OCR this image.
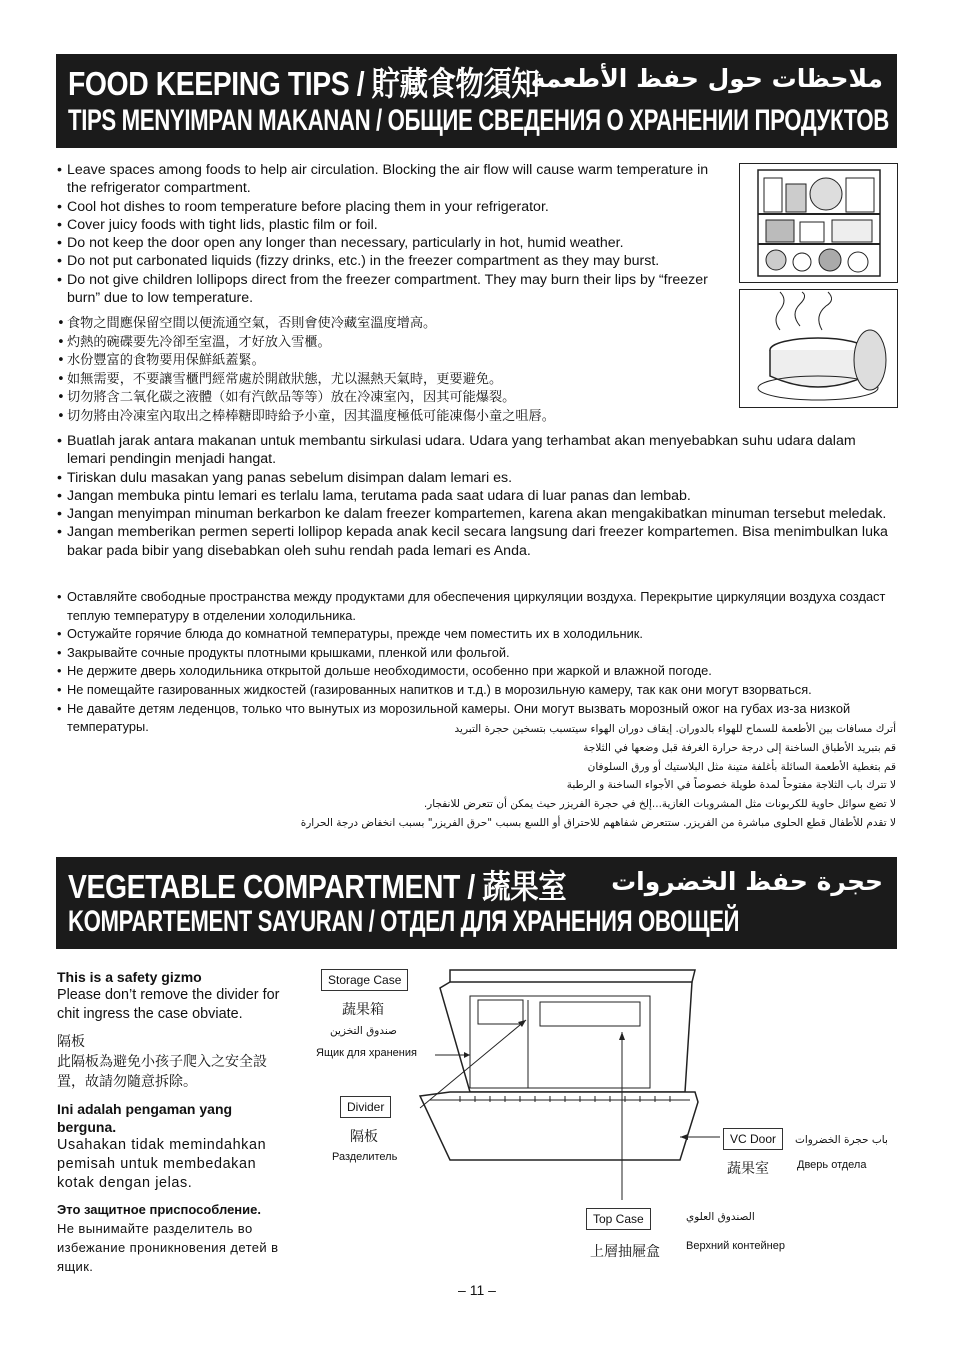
FOOD KEEPING TIPS / 貯藏食物須知
ملاحظات حول حفظ الأطعمة
TIPS MENYIMPAN MAKANAN / ОБЩИЕ СВЕДЕНИЯ О ХРАНЕНИИ ПРОДУКТОВ
• Leave spaces among foods to help air circulation. Blocking the air flow will cause warm temperature in the refrigerator compartment.
• Cool hot dishes to room temperature before placing them in your refrigerator.
• Cover juicy foods with tight lids, plastic film or foil.
• Do not keep the door open any longer than necessary, particularly in hot, humid weather.
• Do not put carbonated liquids (fizzy drinks, etc.) in the freezer compartment as they may burst.
• Do not give children lollipops direct from the freezer compartment. They may burn their lips by “freezer burn” due to low temperature.
• 食物之間應保留空間以便流通空氣，否則會使冷藏室溫度增高。
• 灼熱的碗碟要先冷卻至室溫，才好放入雪櫃。
• 水份豐富的食物要用保鮮紙蓋緊。
• 如無需要，不要讓雪櫃門經常處於開啟狀態，尤以濕熱天氣時，更要避免。
• 切勿將含二氧化碳之液體（如有汽飲品等等）放在冷凍室內，因其可能爆裂。
• 切勿將由冷凍室內取出之棒棒糖即時給予小童，因其溫度極低可能凍傷小童之咀唇。
• Buatlah jarak antara makanan untuk membantu sirkulasi udara. Udara yang terhambat akan menyebabkan suhu udara dalam lemari pendingin menjadi hangat.
• Tiriskan dulu masakan yang panas sebelum disimpan dalam lemari es.
• Jangan membuka pintu lemari es terlalu lama, terutama pada saat udara di luar panas dan lembab.
• Jangan menyimpan minuman berkarbon ke dalam freezer kompartemen, karena akan mengakibatkan minuman tersebut meledak.
• Jangan memberikan permen seperti lollipop kepada anak kecil secara langsung dari freezer kompartemen. Bisa menimbulkan luka bakar pada bibir yang disebabkan oleh suhu rendah pada lemari es Anda.
• Оставляйте свободные пространства между продуктами для обеспечения циркуляции воздуха. Перекрытие циркуляции воздуха создаст теплую температуру в отделении холодильника.
• Остужайте горячие блюда до комнатной температуры, прежде чем поместить их в холодильник.
• Закрывайте сочные продукты плотными крышками, пленкой или фольгой.
• Не держите дверь холодильника открытой дольше необходимости, особенно при жаркой и влажной погоде.
• Не помещайте газированных жидкостей (газированных напитков и т.д.) в морозильную камеру, так как они могут взорваться.
• Не давайте детям леденцов, только что вынутых из морозильной камеры. Они могут вызвать морозный ожог на губах из-за низкой температуры.	أترك مسافات بين الأطعمة للسماح للهواء بالدوران. إيقاف دوران الهواء سيتسبب بتسخين حجرة التبريد
قم بتبريد الأطباق الساخنة إلى درجة حرارة الغرفة قبل وضعها في الثلاجة
قم بتغطية الأطعمة السائلة بأغلفة متينة مثل البلاستيك أو ورق السلوفان
لا تترك باب الثلاجة مفتوحاً لمدة طويلة خصوصاً في الأجواء الساخنة و الرطبة
لا تضع سوائل حاوية للكربونات مثل المشروبات الغازية...إلخ في حجرة الفريزر حيث يمكن أن تتعرض للانفجار.
لا تقدم للأطفال قطع الحلوى مباشرة من الفريزر. ستتعرض شفاههم للاحتراق أو اللسع بسبب "حرق الفريزر" بسبب انخفاض درجة الحرارة
VEGETABLE COMPARTMENT / 蔬果室 حجرة حفظ الخضروات
KOMPARTEMENT SAYURAN / ОТДЕЛ ДЛЯ ХРАНЕНИЯ ОВОЩЕЙ
This is a safety gizmo
Please don’t remove the divider for chit ingress the case obviate.
隔板
此隔板為避免小孩子爬入之安全設置，故請勿隨意拆除。
Ini adalah pengaman yang berguna.
Usahakan tidak memindahkan pemisah untuk membedakan kotak dengan jelas.
Это защитное приспособление.
Не вынимайте разделитель во избежание проникновения детей в ящик.
Storage Case
蔬果箱
صندوق التخزين
Ящик для хранения
Divider
隔板
Разделитель
VC Door	باب حجرة الخضروات
蔬果室	Дверь отдела
Top Case	الصندوق العلوي
上層抽屜盒 Верхний контейнер
– 11 –
